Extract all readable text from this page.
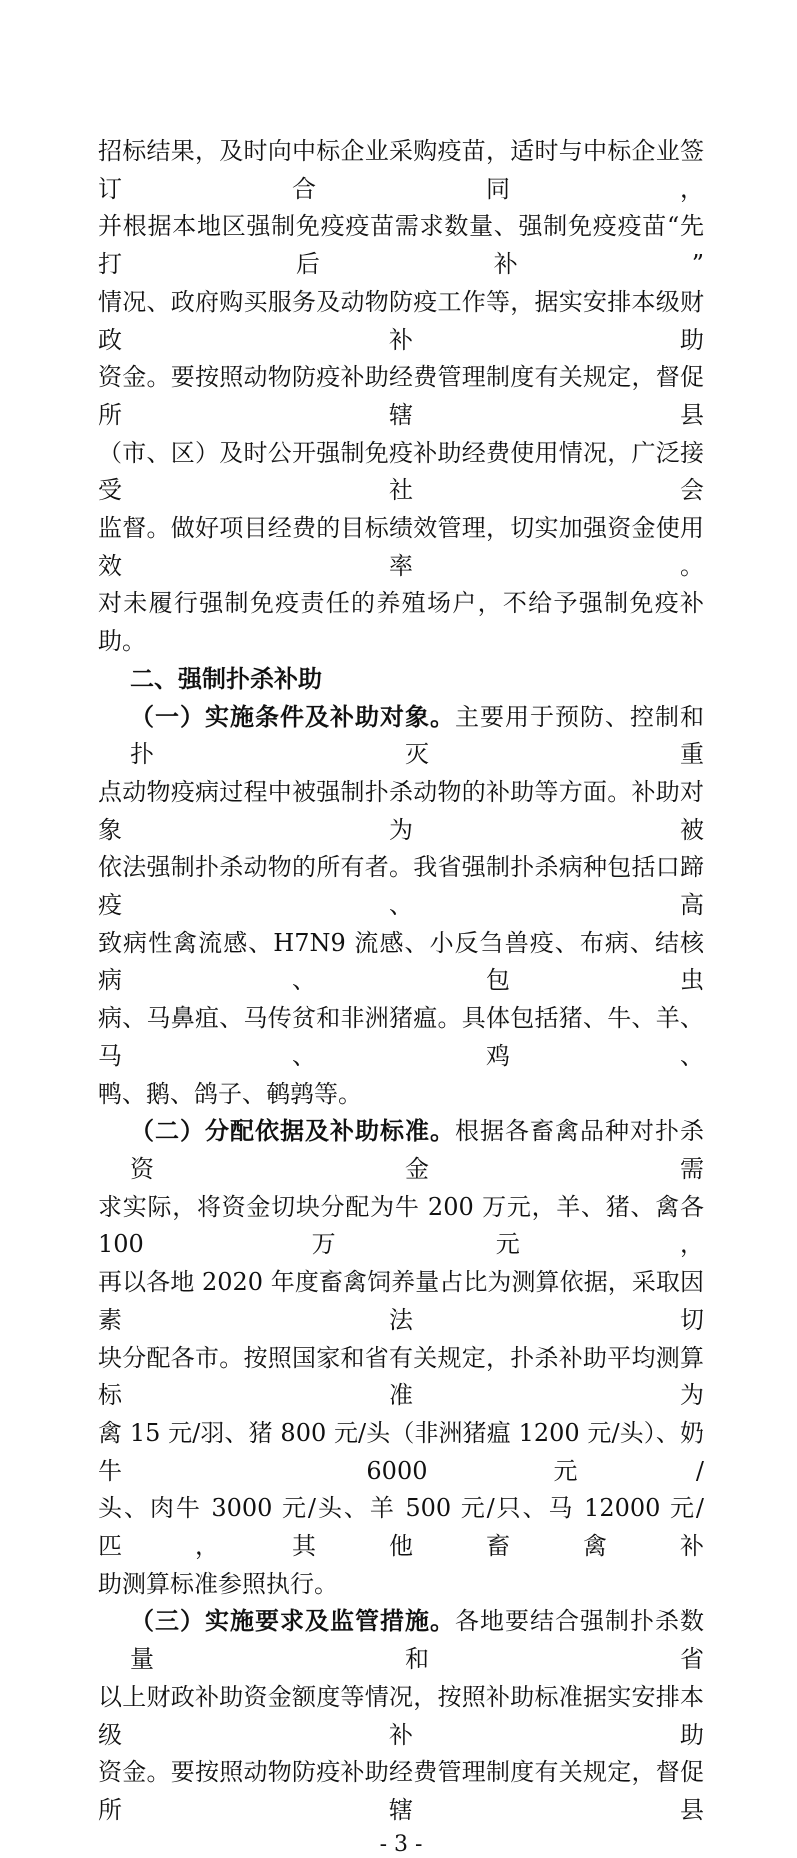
招标结果，及时向中标企业采购疫苗，适时与中标企业签订合同，
并根据本地区强制免疫疫苗需求数量、强制免疫疫苗“先打后补”
情况、政府购买服务及动物防疫工作等，据实安排本级财政补助
资金。要按照动物防疫补助经费管理制度有关规定，督促所辖县
（市、区）及时公开强制免疫补助经费使用情况，广泛接受社会
监督。做好项目经费的目标绩效管理，切实加强资金使用效率。
对未履行强制免疫责任的养殖场户，不给予强制免疫补助。
二、强制扑杀补助
（一）实施条件及补助对象。主要用于预防、控制和扑灭重
点动物疫病过程中被强制扑杀动物的补助等方面。补助对象为被
依法强制扑杀动物的所有者。我省强制扑杀病种包括口蹄疫、高
致病性禽流感、H7N9 流感、小反刍兽疫、布病、结核病、包虫
病、马鼻疽、马传贫和非洲猪瘟。具体包括猪、牛、羊、马、鸡、
鸭、鹅、鸽子、鹌鹑等。
（二）分配依据及补助标准。根据各畜禽品种对扑杀资金需
求实际，将资金切块分配为牛 200 万元，羊、猪、禽各 100 万元，
再以各地 2020 年度畜禽饲养量占比为测算依据，采取因素法切
块分配各市。按照国家和省有关规定，扑杀补助平均测算标准为
禽 15 元/羽、猪 800 元/头（非洲猪瘟 1200 元/头）、奶牛 6000 元/
头、肉牛 3000 元/头、羊 500 元/只、马 12000 元/匹，其他畜禽补
助测算标准参照执行。
（三）实施要求及监管措施。各地要结合强制扑杀数量和省
以上财政补助资金额度等情况，按照补助标准据实安排本级补助
资金。要按照动物防疫补助经费管理制度有关规定，督促所辖县
- 3 -
